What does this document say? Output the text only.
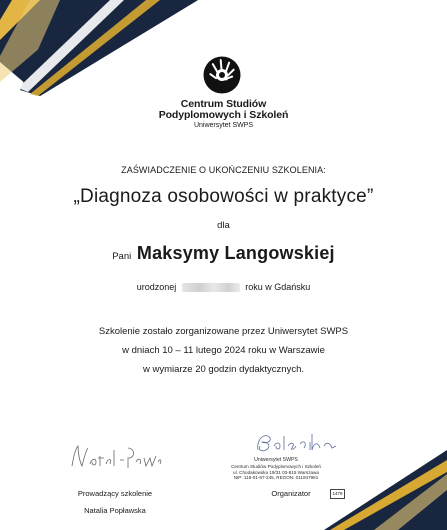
Centrum Studiów
Podyplomowych i Szkoleń
Uniwersytet SWPS
ZAŚWIADCZENIE O UKOŃCZENIU SZKOLENIA:
„Diagnoza osobowości w praktyce”
dla
Pani Maksymy Langowskiej
urodzonej	roku w Gdańsku
Szkolenie zostało zorganizowane przez Uniwersytet SWPS
w dniach 10 – 11 lutego 2024 roku w Warszawie
w wymiarze 20 godzin dydaktycznych.
Prowadzący szkolenie
Natalia Popławska
Uniwersytet SWPS
Centrum Studiów Podyplomowych i Szkoleń
ul. Chodakowska 19/31 03-815 Warszawa
NIP: 118-01-97-245, REGON: 011947981
1478
Organizator
